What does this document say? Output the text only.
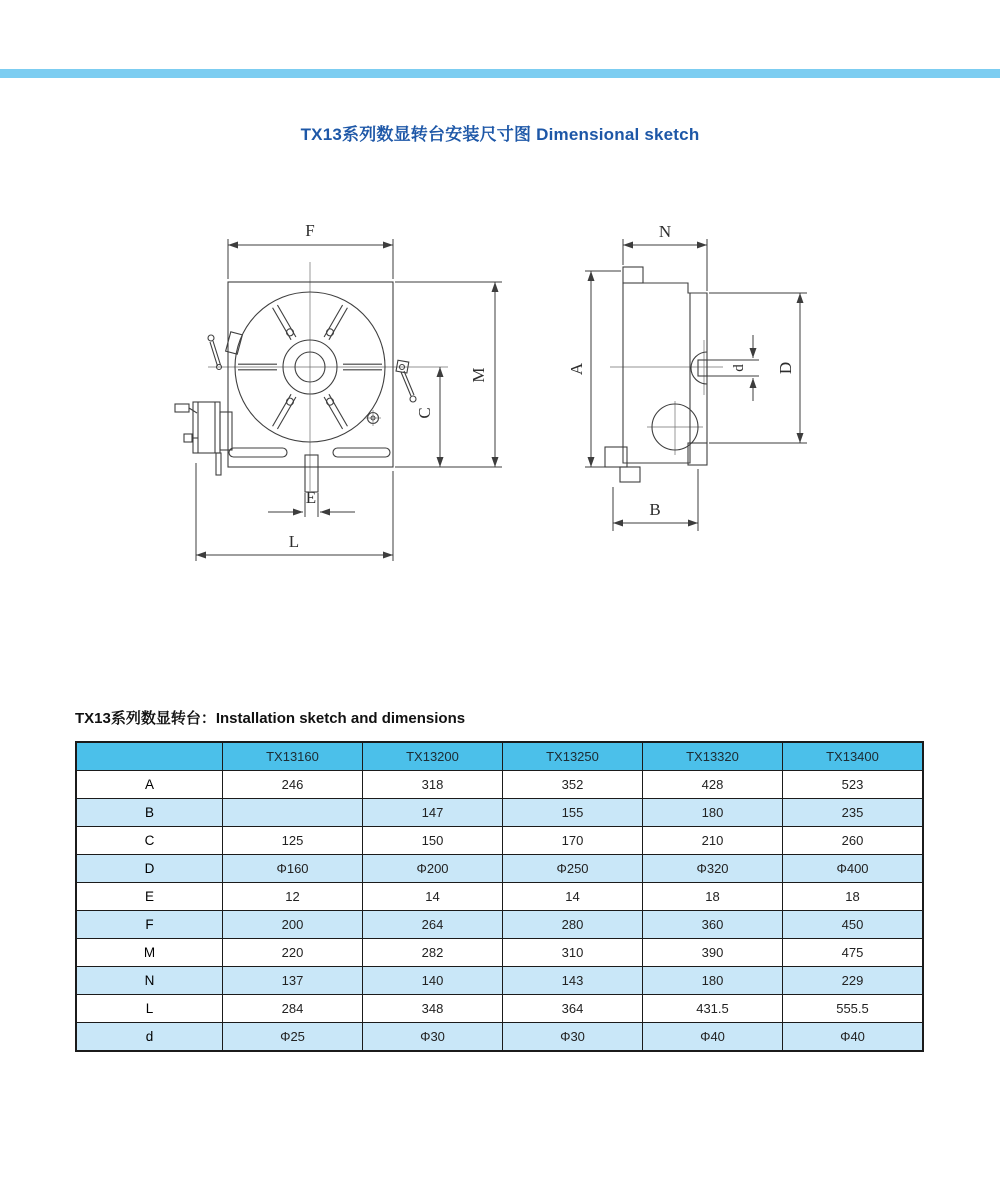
TX13系列数显转台安装尺寸图 Dimensional sketch
F
M
C
E
L
N
A	D
d
B
TX13系列数显转台：Installation sketch and dimensions
	TX13160	TX13200	TX13250	TX13320	TX13400
A	246	318	352	428	523
B		147	155	180	235
C	125	150	170	210	260
D	Φ160	Φ200	Φ250	Φ320	Φ400
E	12	14	14	18	18
F	200	264	280	360	450
M	220	282	310	390	475
N	137	140	143	180	229
L	284	348	364	431.5	555.5
d	Φ25	Φ30	Φ30	Φ40	Φ40
